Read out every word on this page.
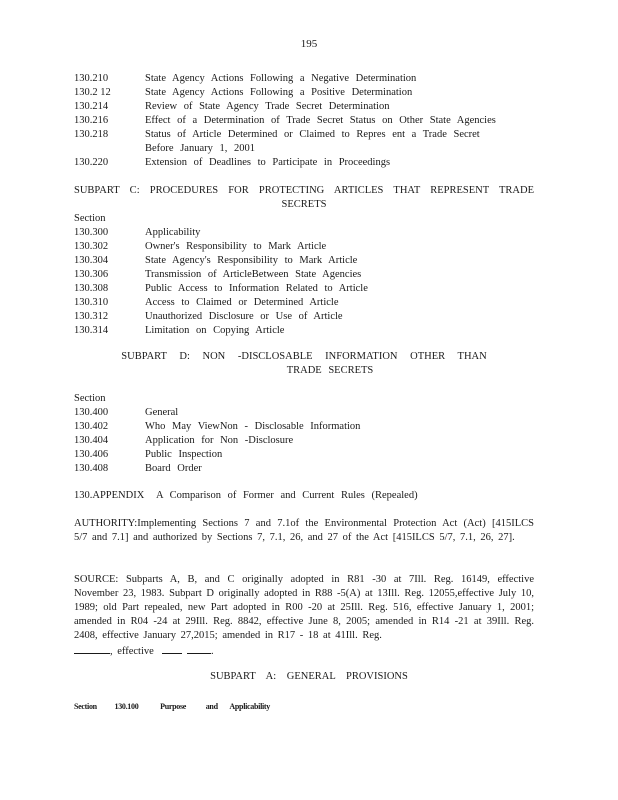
195
130.210	State Agency Actions Following a Negative Determination
130.2 12	State Agency Actions Following a Positive Determination
130.214	Review of State Agency Trade Secret Determination
130.216	Effect of a Determination of Trade Secret Status on Other State Agencies
130.218	Status of Article Determined or Claimed to Repres ent a Trade Secret Before January 1, 2001
130.220	Extension of Deadlines to Participate in Proceedings
SUBPART C: PROCEDURES FOR PROTECTING ARTICLES THAT REPRESENT TRADE
SECRETS
Section
130.300	Applicability
130.302	Owner's Responsibility to Mark Article
130.304	State Agency's Responsibility to Mark Article
130.306	Transmission of ArticleBetween State Agencies
130.308	Public Access to Information Related to Article
130.310	Access to Claimed or Determined Article
130.312	Unauthorized Disclosure or Use of Article
130.314	Limitation on Copying Article
SUBPART D: NON -DISCLOSABLE INFORMATION OTHER THAN
TRADE SECRETS
Section
130.400	General
130.402	Who May ViewNon - Disclosable Information
130.404	Application for Non -Disclosure
130.406	Public Inspection
130.408	Board Order
130.APPENDIX A Comparison of Former and Current Rules (Repealed)
AUTHORITY:Implementing Sections 7 and 7.1of the Environmental Protection Act (Act) [415ILCS 5/7 and 7.1] and authorized by Sections 7, 7.1, 26, and 27 of the Act [415ILCS 5/7, 7.1, 26, 27].
SOURCE: Subparts A, B, and C originally adopted in R81 -30 at 7Ill. Reg. 16149, effective November 23, 1983. Subpart D originally adopted in R88 -5(A) at 13Ill. Reg. 12055,effective July 10, 1989; old Part repealed, new Part adopted in R00 -20 at 25Ill. Reg. 516, effective January 1, 2001; amended in R04 -24 at 29Ill. Reg. 8842, effective June 8, 2005; amended in R14 -21 at 39Ill. Reg. 2408, effective January 27,2015; amended in R17 - 18 at 41Ill. Reg.
, effective	.
SUBPART A: GENERAL PROVISIONS
Section 130.100	Purpose and Applicability
